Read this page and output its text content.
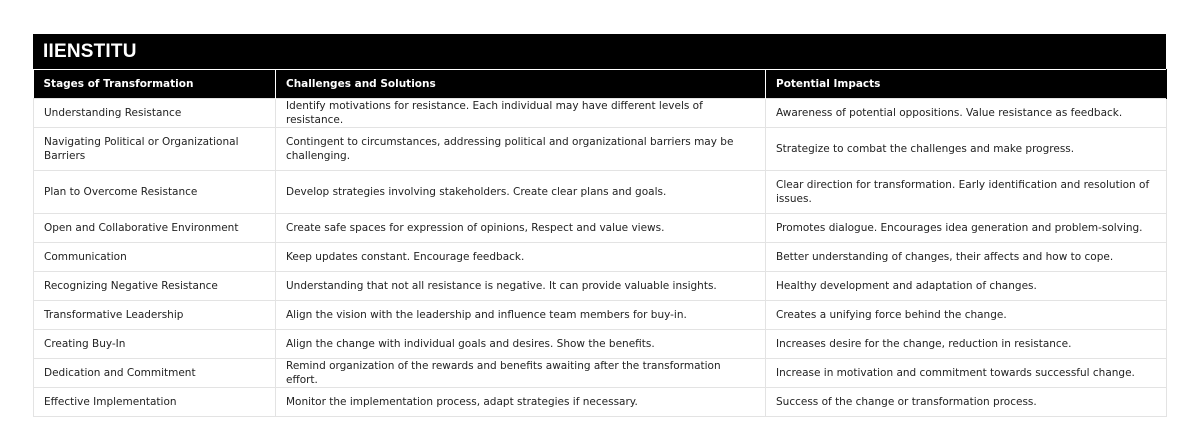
IIENSTITU
Stages of Transformation	Challenges and Solutions	Potential Impacts
Understanding Resistance	Identify motivations for resistance. Each individual may have different levels of resistance.	Awareness of potential oppositions. Value resistance as feedback.
Navigating Political or Organizational Barriers	Contingent to circumstances, addressing political and organizational barriers may be challenging.	Strategize to combat the challenges and make progress.
Plan to Overcome Resistance	Develop strategies involving stakeholders. Create clear plans and goals.	Clear direction for transformation. Early identification and resolution of issues.
Open and Collaborative Environment	Create safe spaces for expression of opinions, Respect and value views.	Promotes dialogue. Encourages idea generation and problem-solving.
Communication	Keep updates constant. Encourage feedback.	Better understanding of changes, their affects and how to cope.
Recognizing Negative Resistance	Understanding that not all resistance is negative. It can provide valuable insights.	Healthy development and adaptation of changes.
Transformative Leadership	Align the vision with the leadership and influence team members for buy-in.	Creates a unifying force behind the change.
Creating Buy-In	Align the change with individual goals and desires. Show the benefits.	Increases desire for the change, reduction in resistance.
Dedication and Commitment	Remind organization of the rewards and benefits awaiting after the transformation effort.	Increase in motivation and commitment towards successful change.
Effective Implementation	Monitor the implementation process, adapt strategies if necessary.	Success of the change or transformation process.
